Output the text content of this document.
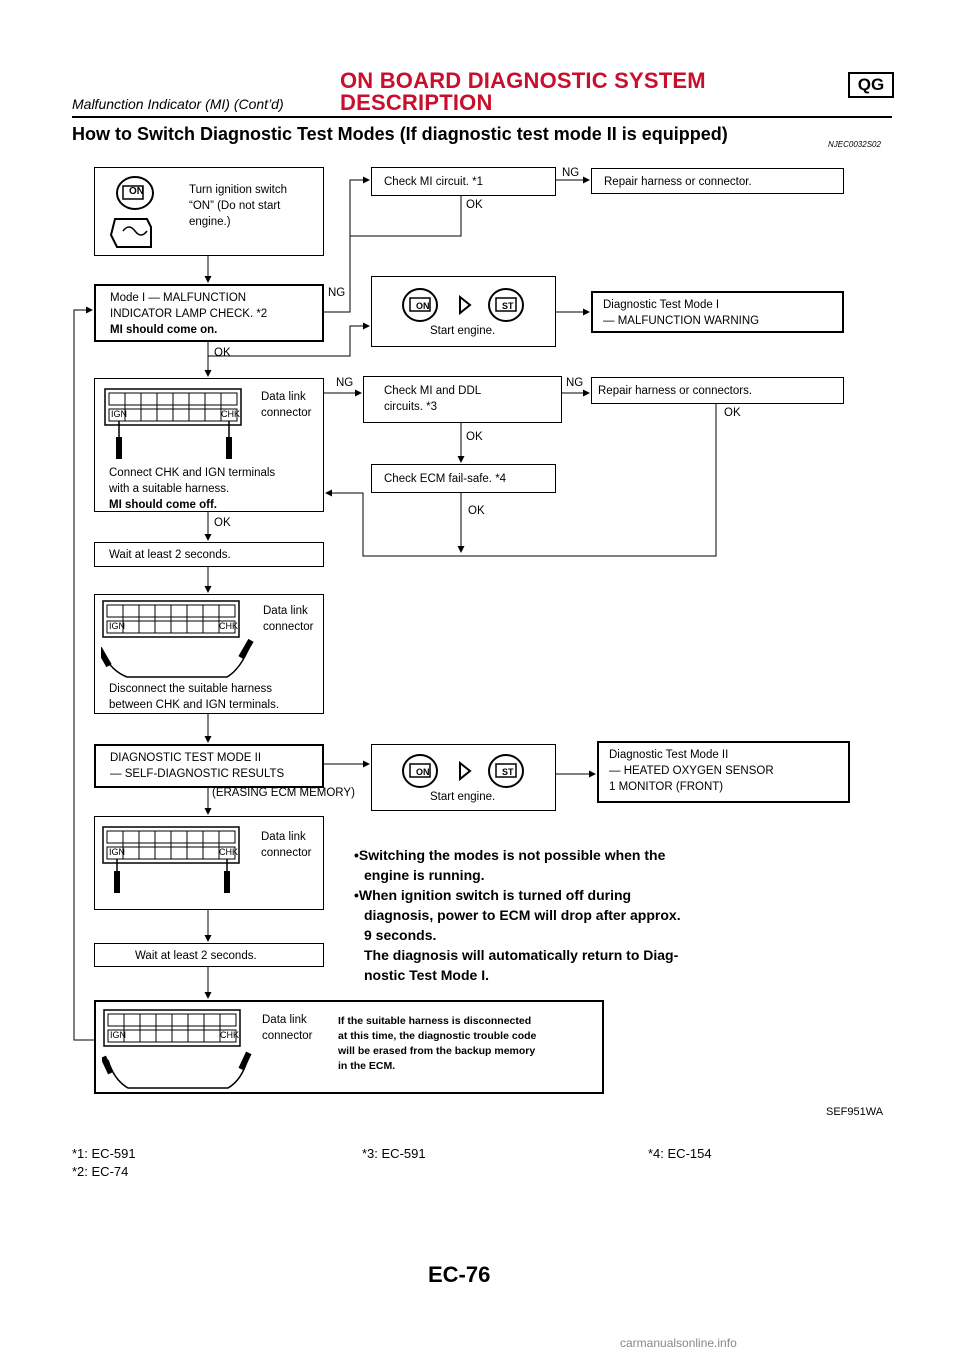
ON BOARD DIAGNOSTIC SYSTEM DESCRIPTION
QG
Malfunction Indicator (MI) (Cont’d)
How to Switch Diagnostic Test Modes (If diagnostic test mode II is equipped)
NJEC0032S02
ON	Turn ignition switch
“ON” (Do not start
engine.)
Check MI circuit. *1
NG
OK
Repair harness or connector.
Mode I — MALFUNCTION
INDICATOR LAMP CHECK. *2
MI should come on.
NG
OK
ON	ST
Start engine.
Diagnostic Test Mode I
— MALFUNCTION WARNING
IGN	CHK
Data link
connector
Connect CHK and IGN terminals
with a suitable harness.
MI should come off.
NG
OK
Check MI and DDL
circuits. *3
NG
OK
Repair harness or connectors.
OK
Check ECM fail-safe. *4
OK
Wait at least 2 seconds.
IGN	CHK
Data link
connector
Disconnect the suitable harness
between CHK and IGN terminals.
DIAGNOSTIC TEST MODE II
— SELF-DIAGNOSTIC RESULTS
(ERASING ECM MEMORY)
ON	ST
Start engine.
Diagnostic Test Mode II
— HEATED OXYGEN SENSOR
1 MONITOR (FRONT)
IGN	CHK
Data link
connector
Wait at least 2 seconds.
IGN	CHK
Data link
connector
If the suitable harness is disconnected
at this time, the diagnostic trouble code
will be erased from the backup memory
in the ECM.
•Switching the modes is not possible when the
engine is running.
•When ignition switch is turned off during
diagnosis, power to ECM will drop after approx.
9 seconds.
The diagnosis will automatically return to Diag-
nostic Test Mode I.
SEF951WA
*1: EC-591
*2: EC-74
*3: EC-591	*4: EC-154
EC-76
carmanualsonline.info
